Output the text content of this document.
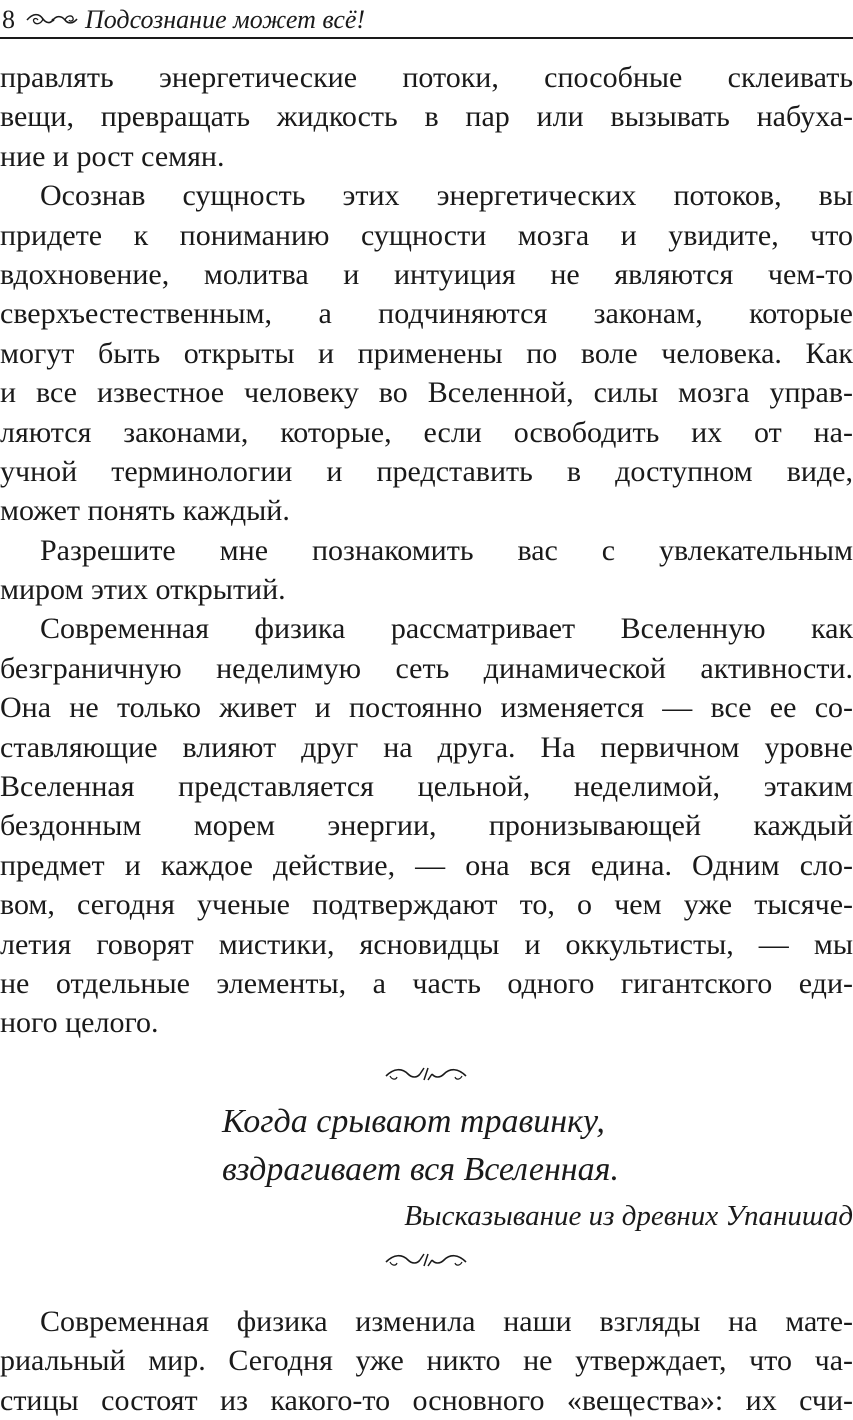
8	Подсознание может всё!
правлять энергетические потоки, способные склеивать
вещи, превращать жидкость в пар или вызывать набуха-
ние и рост семян.
Осознав сущность этих энергетических потоков, вы
придете к пониманию сущности мозга и увидите, что
вдохновение, молитва и интуиция не являются чем-то
сверхъестественным, а подчиняются законам, которые
могут быть открыты и применены по воле человека. Как
и все известное человеку во Вселенной, силы мозга управ-
ляются законами, которые, если освободить их от на-
учной терминологии и представить в доступном виде,
может понять каждый.
Разрешите мне познакомить вас с увлекательным
миром этих открытий.
Современная физика рассматривает Вселенную как
безграничную неделимую сеть динамической активности.
Она не только живет и постоянно изменяется — все ее со-
ставляющие влияют друг на друга. На первичном уровне
Вселенная представляется цельной, неделимой, этаким
бездонным морем энергии, пронизывающей каждый
предмет и каждое действие, — она вся едина. Одним сло-
вом, сегодня ученые подтверждают то, о чем уже тысяче-
летия говорят мистики, ясновидцы и оккультисты, — мы
не отдельные элементы, а часть одного гигантского еди-
ного целого.
Когда срывают травинку,
вздрагивает вся Вселенная.
Высказывание из древних Упанишад
Современная физика изменила наши взгляды на мате-
риальный мир. Сегодня уже никто не утверждает, что ча-
стицы состоят из какого-то основного «вещества»: их счи-
